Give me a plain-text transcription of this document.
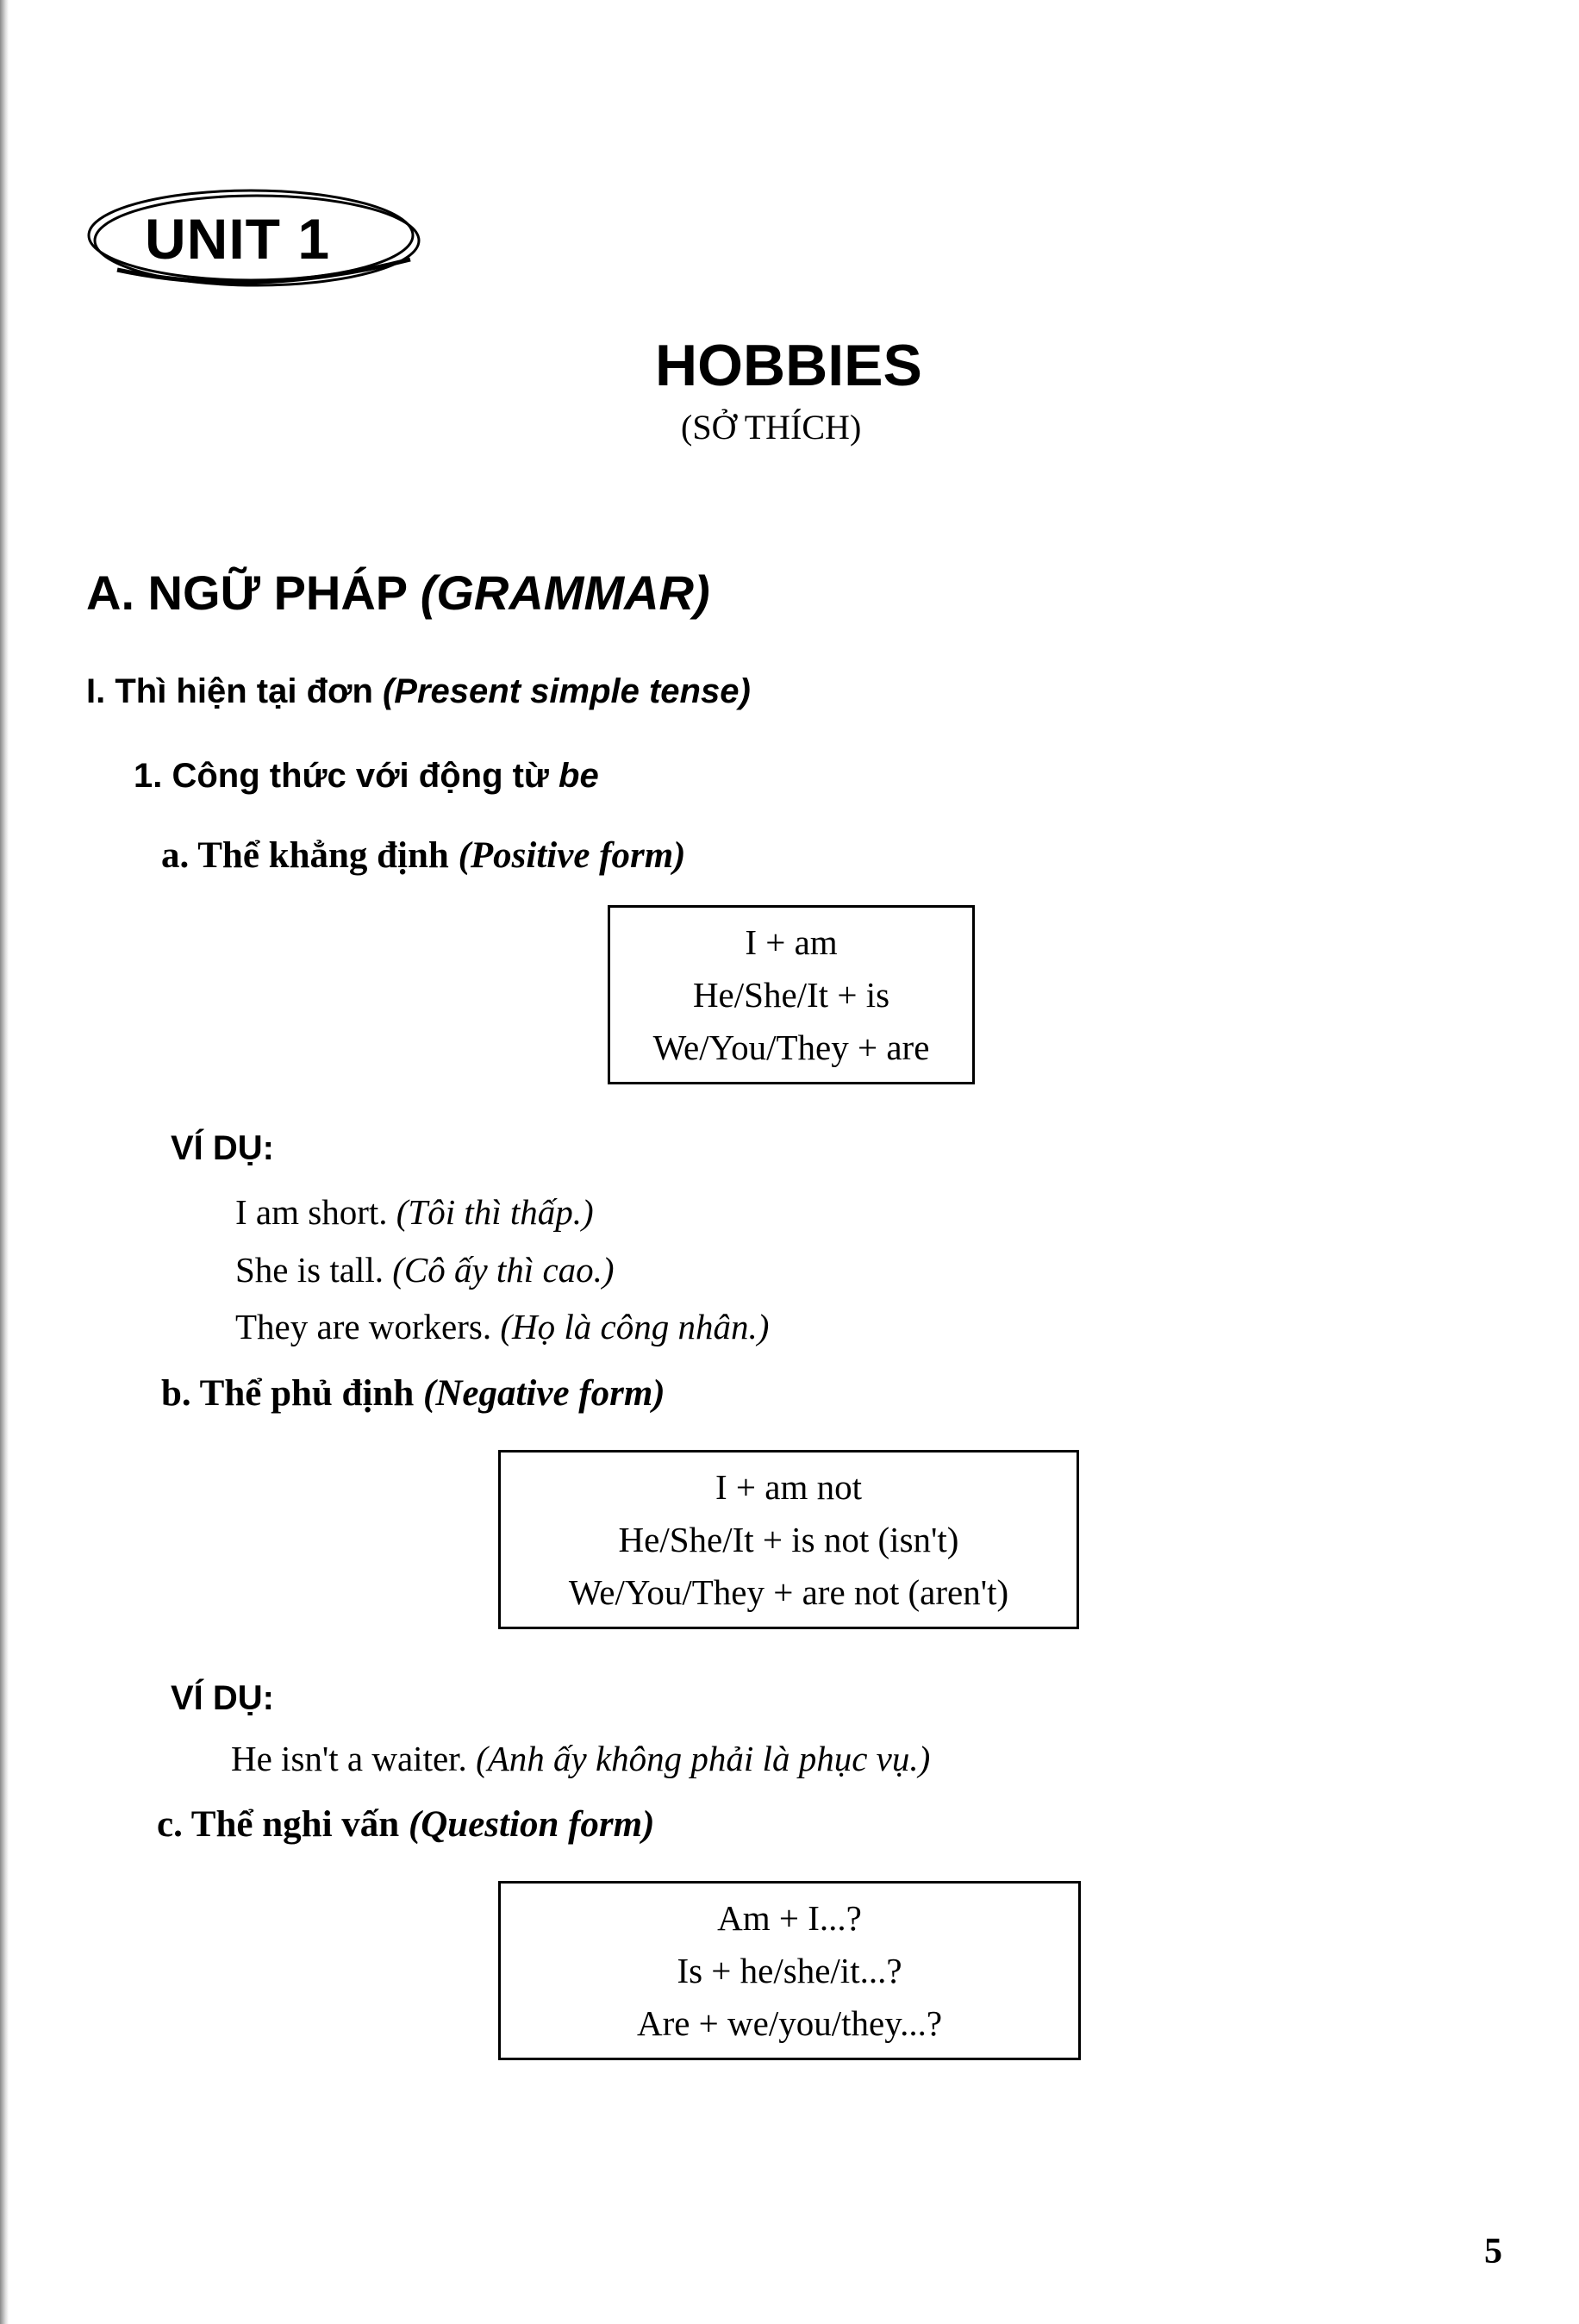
UNIT 1
HOBBIES
(SỞ THÍCH)
A. NGỮ PHÁP (GRAMMAR)
I. Thì hiện tại đơn (Present simple tense)
1. Công thức với động từ be
a. Thể khẳng định (Positive form)
I + am
He/She/It + is
We/You/They + are
VÍ DỤ:
I am short. (Tôi thì thấp.)
She is tall. (Cô ấy thì cao.)
They are workers. (Họ là công nhân.)
b. Thể phủ định (Negative form)
I + am not
He/She/It + is not (isn't)
We/You/They + are not (aren't)
VÍ DỤ:
He isn't a waiter. (Anh ấy không phải là phục vụ.)
c. Thể nghi vấn (Question form)
Am + I...?
Is + he/she/it...?
Are + we/you/they...?
5
